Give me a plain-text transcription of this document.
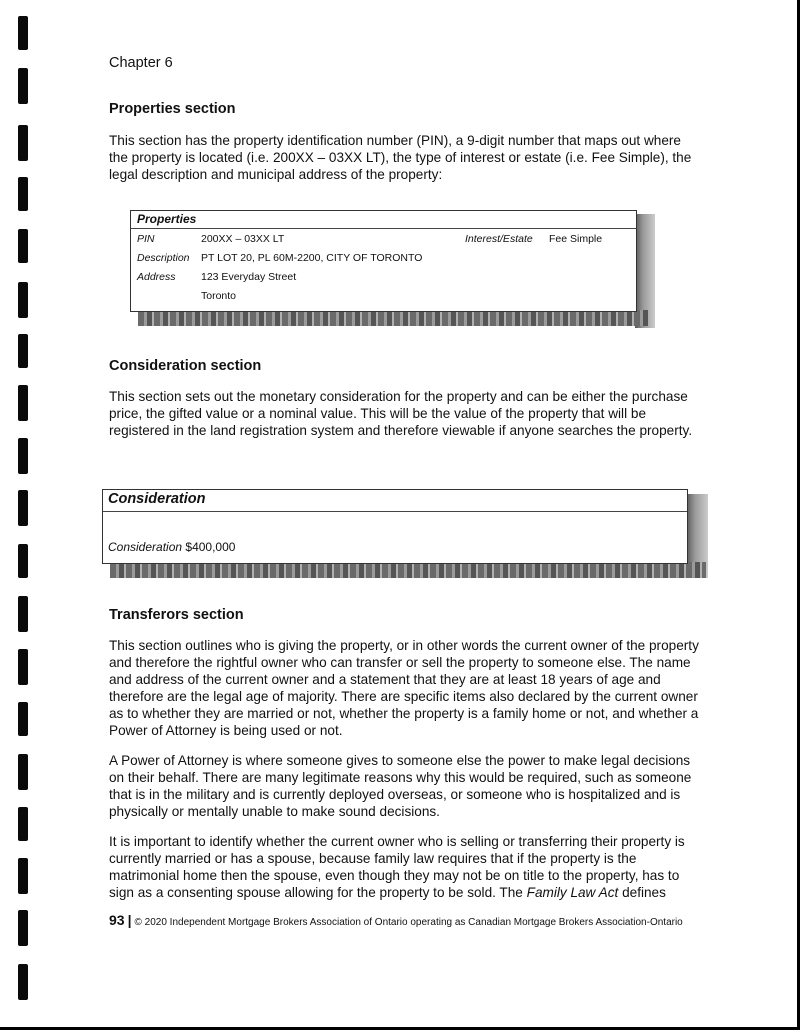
Chapter 6
Properties section

This section has the property identification number (PIN), a 9-digit number that maps out where the property is located (i.e. 200XX – 03XX LT), the type of interest or estate (i.e. Fee Simple), the legal description and municipal address of the property:

Properties
PIN	200XX – 03XX LT	Interest/Estate Fee Simple
Description PT LOT 20, PL 60M-2200, CITY OF TORONTO
Address 123 Everyday Street
Toronto
Consideration section

This section sets out the monetary consideration for the property and can be either the purchase price, the gifted value or a nominal value. This will be the value of the property that will be registered in the land registration system and therefore viewable if anyone searches the property.

Consideration
Consideration $400,000
Transferors section

This section outlines who is giving the property, or in other words the current owner of the property and therefore the rightful owner who can transfer or sell the property to someone else. The name and address of the current owner and a statement that they are at least 18 years of age and therefore are the legal age of majority. There are specific items also declared by the current owner as to whether they are married or not, whether the property is a family home or not, and whether a Power of Attorney is being used or not.

A Power of Attorney is where someone gives to someone else the power to make legal decisions on their behalf. There are many legitimate reasons why this would be required, such as someone that is in the military and is currently deployed overseas, or someone who is hospitalized and is physically or mentally unable to make sound decisions.

It is important to identify whether the current owner who is selling or transferring their property is currently married or has a spouse, because family law requires that if the property is the matrimonial home then the spouse, even though they may not be on title to the property, has to sign as a consenting spouse allowing for the property to be sold. The Family Law Act defines

93 | © 2020 Independent Mortgage Brokers Association of Ontario operating as Canadian Mortgage Brokers Association-Ontario
